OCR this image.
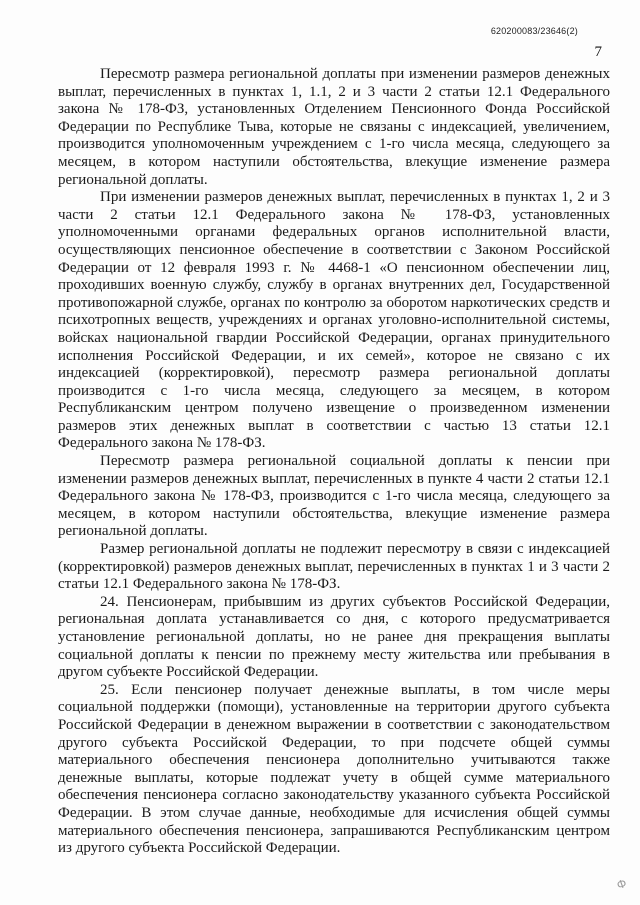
620200083/23646(2)
7

Пересмотр размера региональной доплаты при изменении размеров денежных выплат, перечисленных в пунктах 1, 1.1, 2 и 3 части 2 статьи 12.1 Федерального закона № 178-ФЗ, установленных Отделением Пенсионного Фонда Российской Федерации по Республике Тыва, которые не связаны с индексацией, увеличением, производится уполномоченным учреждением с 1-го числа месяца, следующего за месяцем, в котором наступили обстоятельства, влекущие изменение размера региональной доплаты.

При изменении размеров денежных выплат, перечисленных в пунктах 1, 2 и 3 части 2 статьи 12.1 Федерального закона № 178-ФЗ, установленных уполномоченными органами федеральных органов исполнительной власти, осуществляющих пенсионное обеспечение в соответствии с Законом Российской Федерации от 12 февраля 1993 г. № 4468-1 «О пенсионном обеспечении лиц, проходивших военную службу, службу в органах внутренних дел, Государственной противопожарной службе, органах по контролю за оборотом наркотических средств и психотропных веществ, учреждениях и органах уголовно-исполнительной системы, войсках национальной гвардии Российской Федерации, органах принудительного исполнения Российской Федерации, и их семей», которое не связано с их индексацией (корректировкой), пересмотр размера региональной доплаты производится с 1-го числа месяца, следующего за месяцем, в котором Республиканским центром получено извещение о произведенном изменении размеров этих денежных выплат в соответствии с частью 13 статьи 12.1 Федерального закона № 178-ФЗ.

Пересмотр размера региональной социальной доплаты к пенсии при изменении размеров денежных выплат, перечисленных в пункте 4 части 2 статьи 12.1 Федерального закона № 178-ФЗ, производится с 1-го числа месяца, следующего за месяцем, в котором наступили обстоятельства, влекущие изменение размера региональной доплаты.

Размер региональной доплаты не подлежит пересмотру в связи с индексацией (корректировкой) размеров денежных выплат, перечисленных в пунктах 1 и 3 части 2 статьи 12.1 Федерального закона № 178-ФЗ.

24. Пенсионерам, прибывшим из других субъектов Российской Федерации, региональная доплата устанавливается со дня, с которого предусматривается установление региональной доплаты, но не ранее дня прекращения выплаты социальной доплаты к пенсии по прежнему месту жительства или пребывания в другом субъекте Российской Федерации.

25. Если пенсионер получает денежные выплаты, в том числе меры социальной поддержки (помощи), установленные на территории другого субъекта Российской Федерации в денежном выражении в соответствии с законодательством другого субъекта Российской Федерации, то при подсчете общей суммы материального обеспечения пенсионера дополнительно учитываются также денежные выплаты, которые подлежат учету в общей сумме материального обеспечения пенсионера согласно законодательству указанного субъекта Российской Федерации. В этом случае данные, необходимые для исчисления общей суммы материального обеспечения пенсионера, запрашиваются Республиканским центром из другого субъекта Российской Федерации.

Ф
